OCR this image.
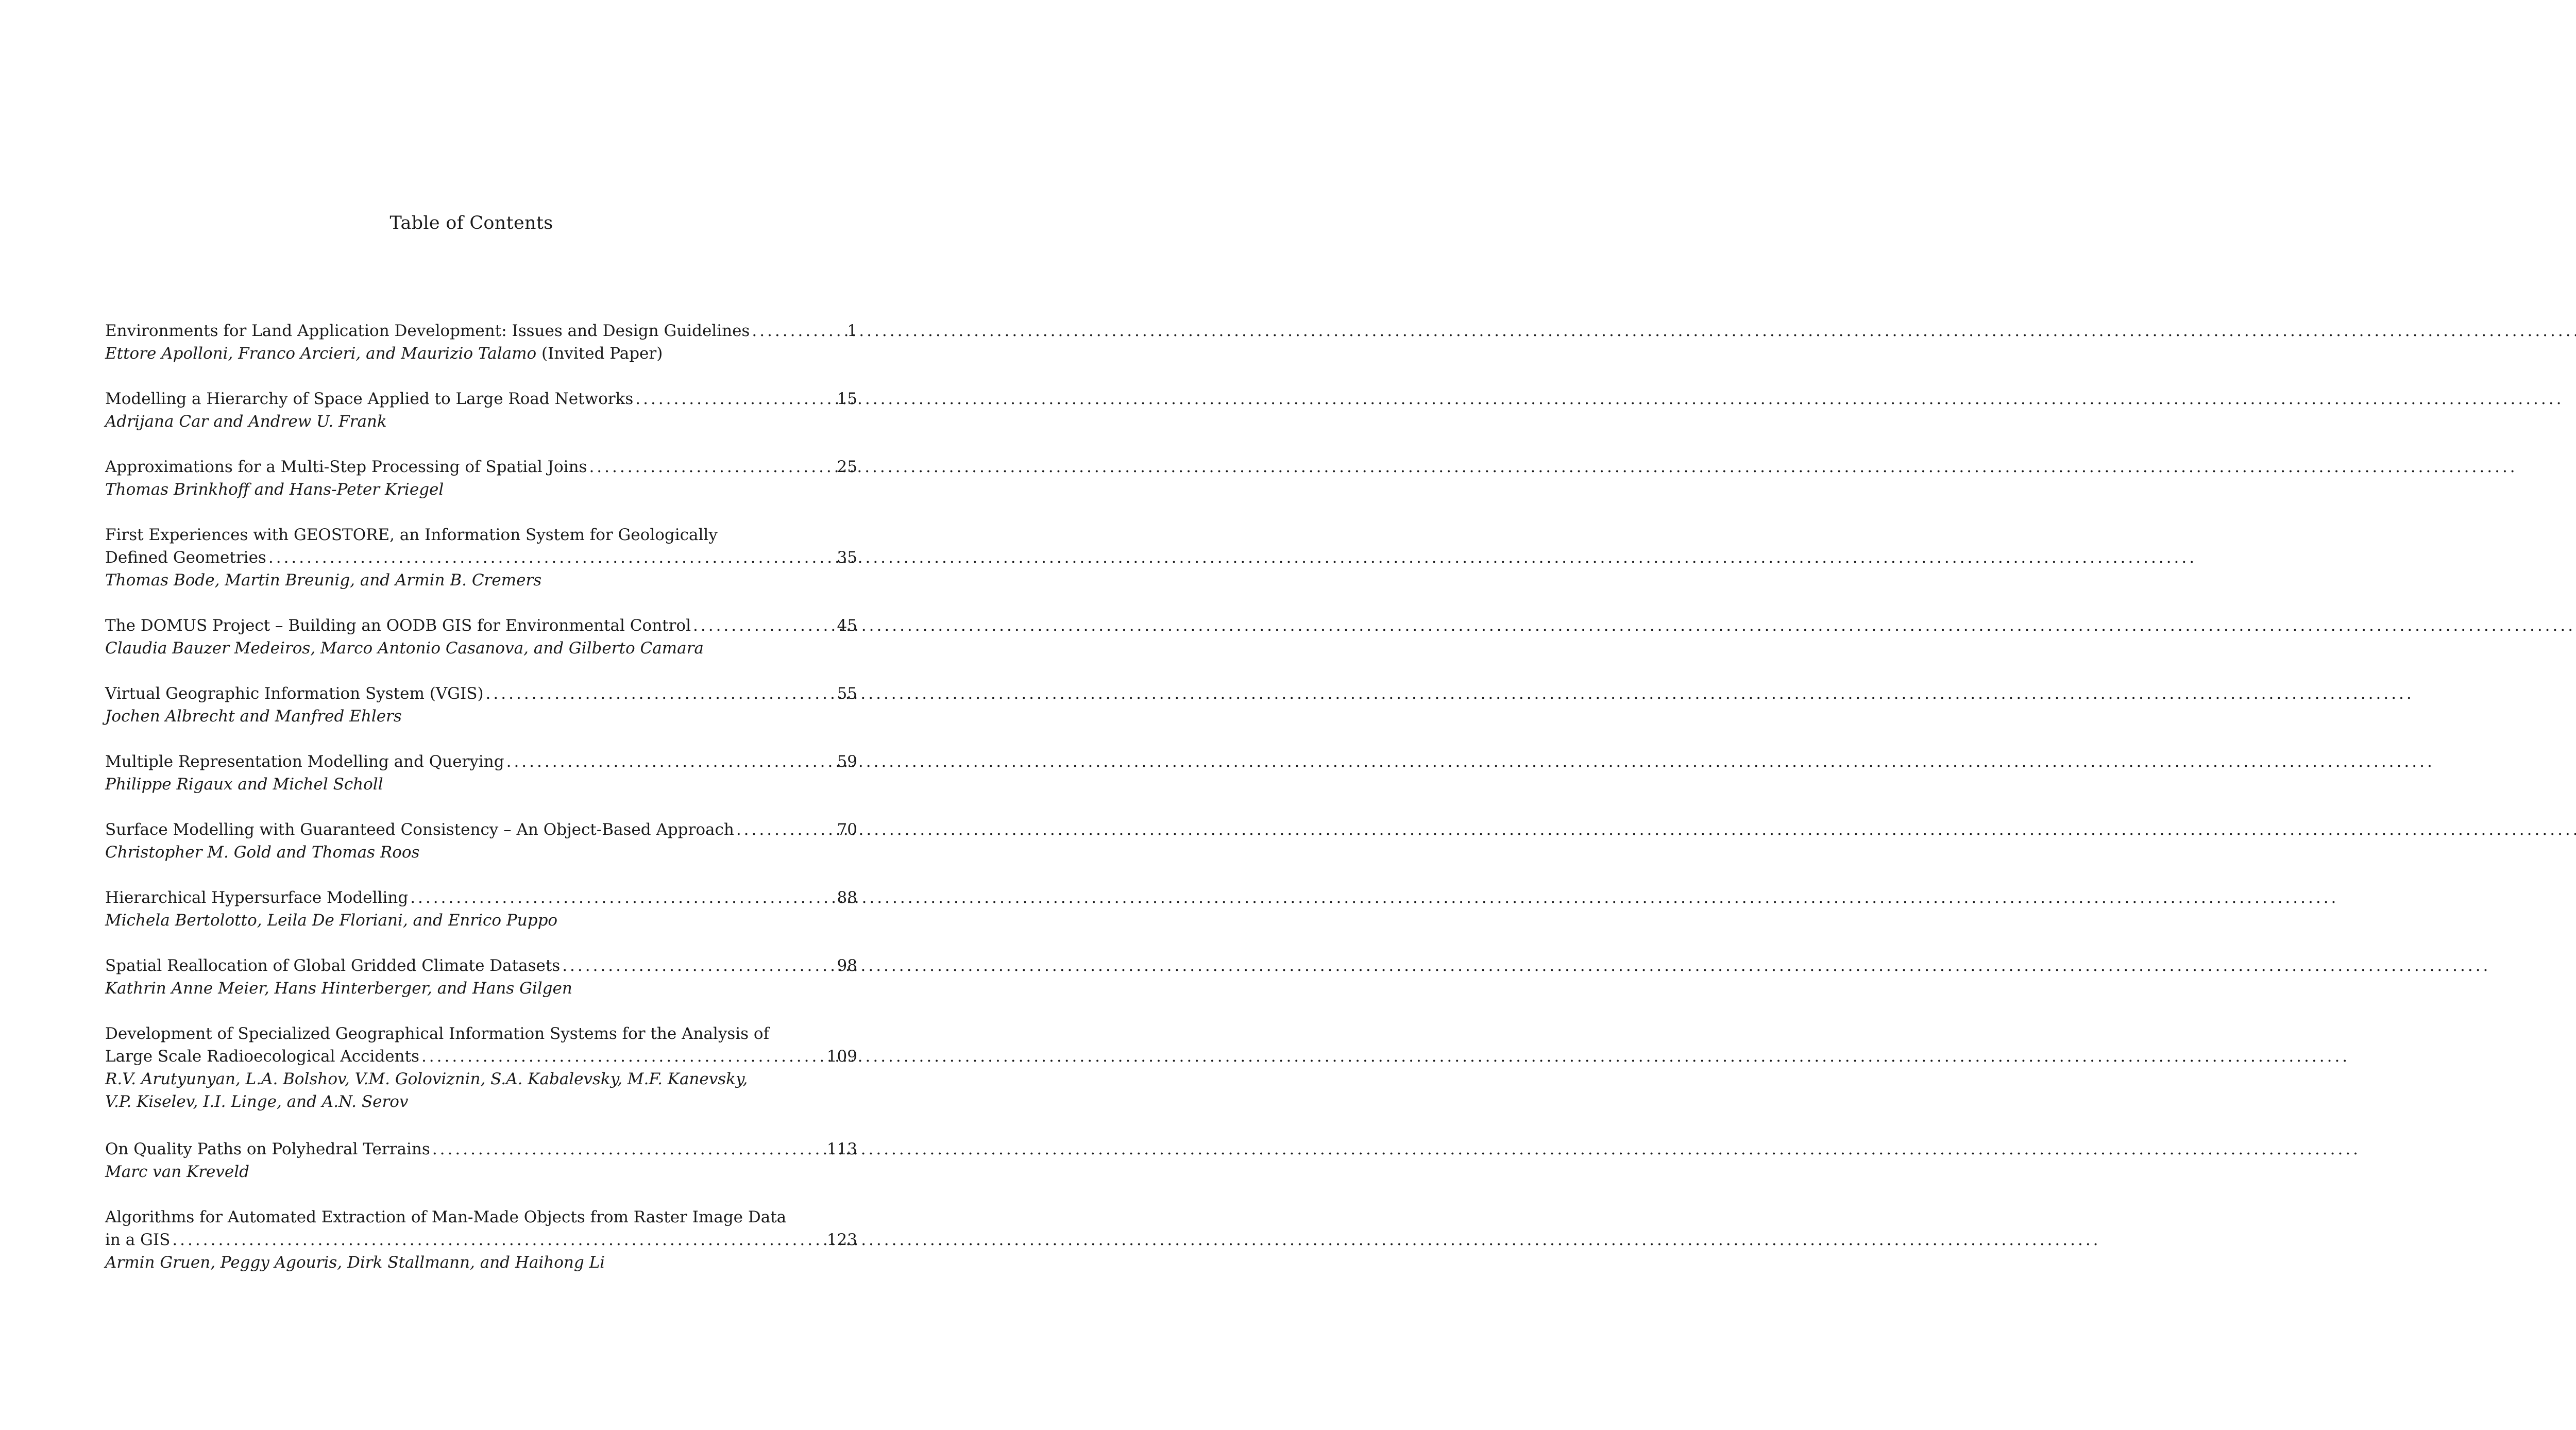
Table of Contents
Environments for Land Application Development: Issues and Design Guidelines .....	1
Ettore Apolloni, Franco Arcieri, and Maurizio Talamo (Invited Paper)
Modelling a Hierarchy of Space Applied to Large Road Networks .....	15
Adrijana Car and Andrew U. Frank
Approximations for a Multi-Step Processing of Spatial Joins .....	25
Thomas Brinkhoff and Hans-Peter Kriegel
First Experiences with GEOSTORE, an Information System for Geologically
Defined Geometries .....	35
Thomas Bode, Martin Breunig, and Armin B. Cremers
The DOMUS Project – Building an OODB GIS for Environmental Control .....	45
Claudia Bauzer Medeiros, Marco Antonio Casanova, and Gilberto Camara
Virtual Geographic Information System (VGIS) .....	55
Jochen Albrecht and Manfred Ehlers
Multiple Representation Modelling and Querying .....	59
Philippe Rigaux and Michel Scholl
Surface Modelling with Guaranteed Consistency – An Object-Based Approach .....	70
Christopher M. Gold and Thomas Roos
Hierarchical Hypersurface Modelling .....	88
Michela Bertolotto, Leila De Floriani, and Enrico Puppo
Spatial Reallocation of Global Gridded Climate Datasets .....	98
Kathrin Anne Meier, Hans Hinterberger, and Hans Gilgen
Development of Specialized Geographical Information Systems for the Analysis of
Large Scale Radioecological Accidents .....	109
R.V. Arutyunyan, L.A. Bolshov, V.M. Goloviznin, S.A. Kabalevsky, M.F. Kanevsky,
V.P. Kiselev, I.I. Linge, and A.N. Serov
On Quality Paths on Polyhedral Terrains .....	113
Marc van Kreveld
Algorithms for Automated Extraction of Man-Made Objects from Raster Image Data
in a GIS .....	123
Armin Gruen, Peggy Agouris, Dirk Stallmann, and Haihong Li
